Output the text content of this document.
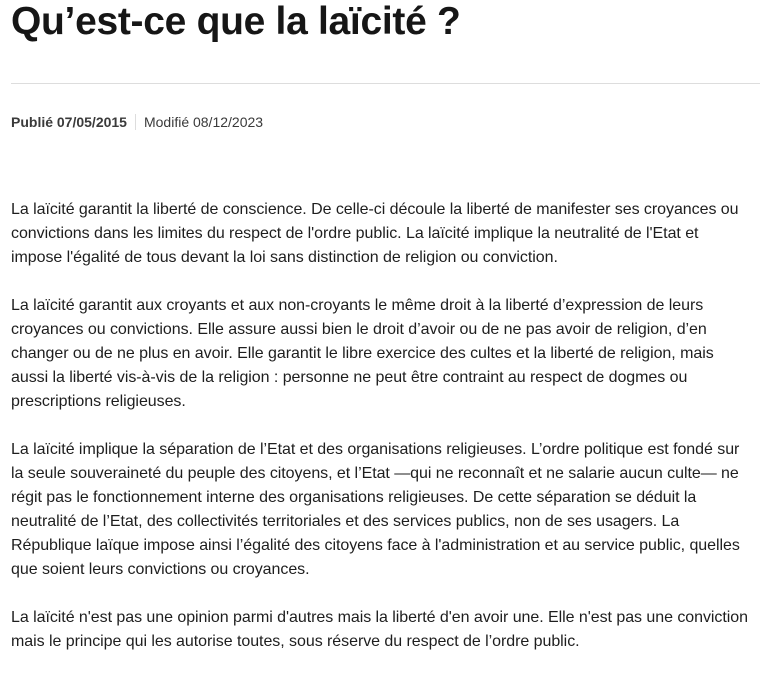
Qu’est-ce que la laïcité ?
Publié 07/05/2015 Modifié 08/12/2023

La laïcité garantit la liberté de conscience. De celle-ci découle la liberté de manifester ses croyances ou convictions dans les limites du respect de l'ordre public. La laïcité implique la neutralité de l'Etat et impose l'égalité de tous devant la loi sans distinction de religion ou conviction.

La laïcité garantit aux croyants et aux non-croyants le même droit à la liberté d’expression de leurs croyances ou convictions. Elle assure aussi bien le droit d’avoir ou de ne pas avoir de religion, d’en changer ou de ne plus en avoir. Elle garantit le libre exercice des cultes et la liberté de religion, mais aussi la liberté vis-à-vis de la religion : personne ne peut être contraint au respect de dogmes ou prescriptions religieuses.

La laïcité implique la séparation de l’Etat et des organisations religieuses. L’ordre politique est fondé sur la seule souveraineté du peuple des citoyens, et l’Etat —qui ne reconnaît et ne salarie aucun culte— ne régit pas le fonctionnement interne des organisations religieuses. De cette séparation se déduit la neutralité de l’Etat, des collectivités territoriales et des services publics, non de ses usagers. La République laïque impose ainsi l’égalité des citoyens face à l'administration et au service public, quelles que soient leurs convictions ou croyances.

La laïcité n'est pas une opinion parmi d'autres mais la liberté d'en avoir une. Elle n'est pas une conviction mais le principe qui les autorise toutes, sous réserve du respect de l’ordre public.
